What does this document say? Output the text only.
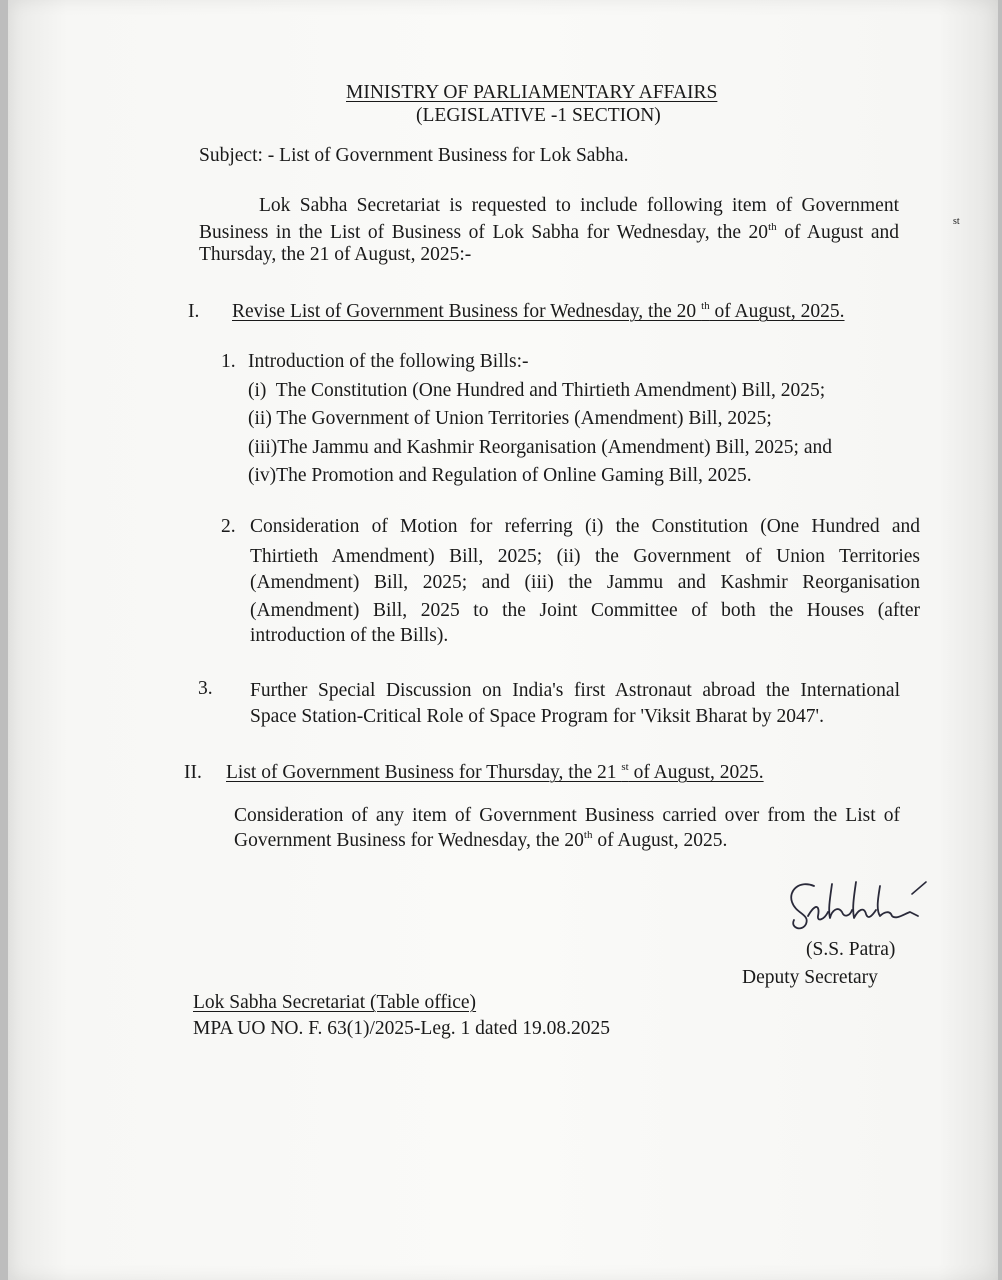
MINISTRY OF PARLIAMENTARY AFFAIRS
(LEGISLATIVE -1 SECTION)
Subject: - List of Government Business for Lok Sabha.
Lok Sabha Secretariat is requested to include following item of Government
Business in the List of Business of Lok Sabha for Wednesday, the 20th of August and
Thursday, the 21 of August, 2025:-
st
I. Revise List of Government Business for Wednesday, the 20 $^{th}$ of August, 2025.
1. Introduction of the following Bills:-
(i)  The Constitution (One Hundred and Thirtieth Amendment) Bill, 2025;
(ii) The Government of Union Territories (Amendment) Bill, 2025;
(iii)The Jammu and Kashmir Reorganisation (Amendment) Bill, 2025; and
(iv)The Promotion and Regulation of Online Gaming Bill, 2025.
2. Consideration of Motion for referring (i) the Constitution (One Hundred and
Thirtieth Amendment) Bill, 2025; (ii) the Government of Union Territories
(Amendment) Bill, 2025; and (iii) the Jammu and Kashmir Reorganisation
(Amendment) Bill, 2025 to the Joint Committee of both the Houses (after
introduction of the Bills).
3. Further Special Discussion on India's first Astronaut abroad the International
Space Station-Critical Role of Space Program for 'Viksit Bharat by 2047'.
II. List of Government Business for Thursday, the 21 $^{st}$ of August, 2025.
Consideration of any item of Government Business carried over from the List of
Government Business for Wednesday, the 20th of August, 2025.
(S.S. Patra)
Deputy Secretary
Lok Sabha Secretariat (Table office)
MPA UO NO. F. 63(1)/2025-Leg. 1 dated 19.08.2025
